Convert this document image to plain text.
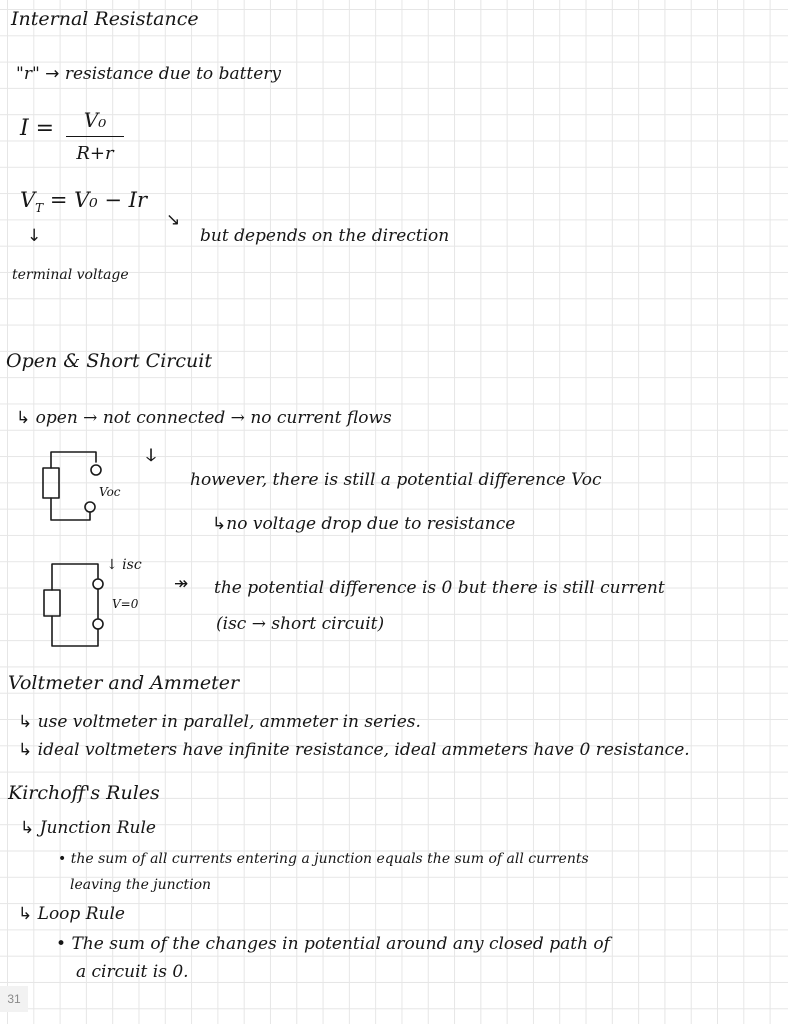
Internal Resistance
"r" → resistance due to battery
I =	V₀
R+r
$V_T = V_0 - Ir$
↓
↘
but depends on the direction
terminal voltage
Open & Short Circuit
↳ open → not connected → no current flows
Voc
ↆ
however, there is still a potential difference Voc
↳no voltage drop due to resistance
↓ isc
V=0
↠ the potential difference is 0 but there is still current
(isc → short circuit)
Voltmeter and Ammeter
↳ use voltmeter in parallel, ammeter in series.
↳ ideal voltmeters have infinite resistance, ideal ammeters have 0 resistance.
Kirchoff's Rules
↳ Junction Rule
• the sum of all currents entering a junction equals the sum of all currents
leaving the junction
↳ Loop Rule
• The sum of the changes in potential around any closed path of
a circuit is 0.
31
